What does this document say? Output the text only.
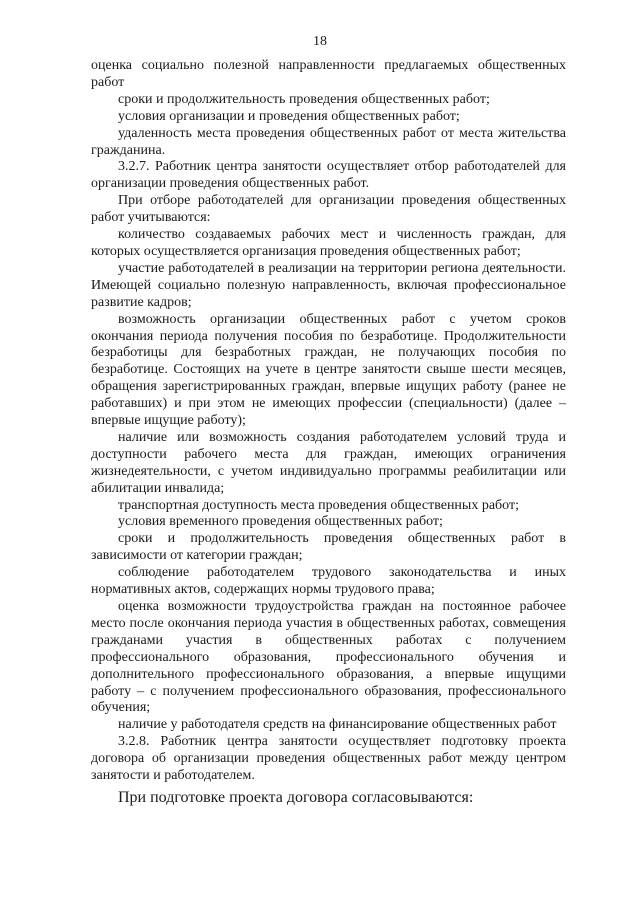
18

оценка социально полезной направленности предлагаемых общественных работ

сроки и продолжительность проведения общественных работ;

условия организации и проведения общественных работ;

удаленность места проведения общественных работ от места жительства гражданина.

3.2.7. Работник центра занятости осуществляет отбор работодателей для организации проведения общественных работ.

При отборе работодателей для организации проведения общественных работ учитываются:

количество создаваемых рабочих мест и численность граждан, для которых осуществляется организация проведения общественных работ;

участие работодателей в реализации на территории региона деятельности. Имеющей социально полезную направленность, включая профессиональное развитие кадров;

возможность организации общественных работ с учетом сроков окончания периода получения пособия по безработице. Продолжительности безработицы для безработных граждан, не получающих пособия по безработице. Состоящих на учете в центре занятости свыше шести месяцев, обращения зарегистрированных граждан, впервые ищущих работу (ранее не работавших) и при этом не имеющих профессии (специальности) (далее – впервые ищущие работу);

наличие или возможность создания работодателем условий труда и доступности рабочего места для граждан, имеющих ограничения жизнедеятельности, с учетом индивидуально программы реабилитации или абилитации инвалида;

транспортная доступность места проведения общественных работ;

условия временного проведения общественных работ;

сроки и продолжительность проведения общественных работ в зависимости от категории граждан;

соблюдение работодателем трудового законодательства и иных нормативных актов, содержащих нормы трудового права;

оценка возможности трудоустройства граждан на постоянное рабочее место после окончания периода участия в общественных работах, совмещения гражданами участия в общественных работах с получением профессионального образования, профессионального обучения и дополнительного профессионального образования, а впервые ищущими работу – с получением профессионального образования, профессионального обучения;

наличие у работодателя средств на финансирование общественных работ

3.2.8. Работник центра занятости осуществляет подготовку проекта договора об организации проведения общественных работ между центром занятости и работодателем.

При подготовке проекта договора согласовываются:
